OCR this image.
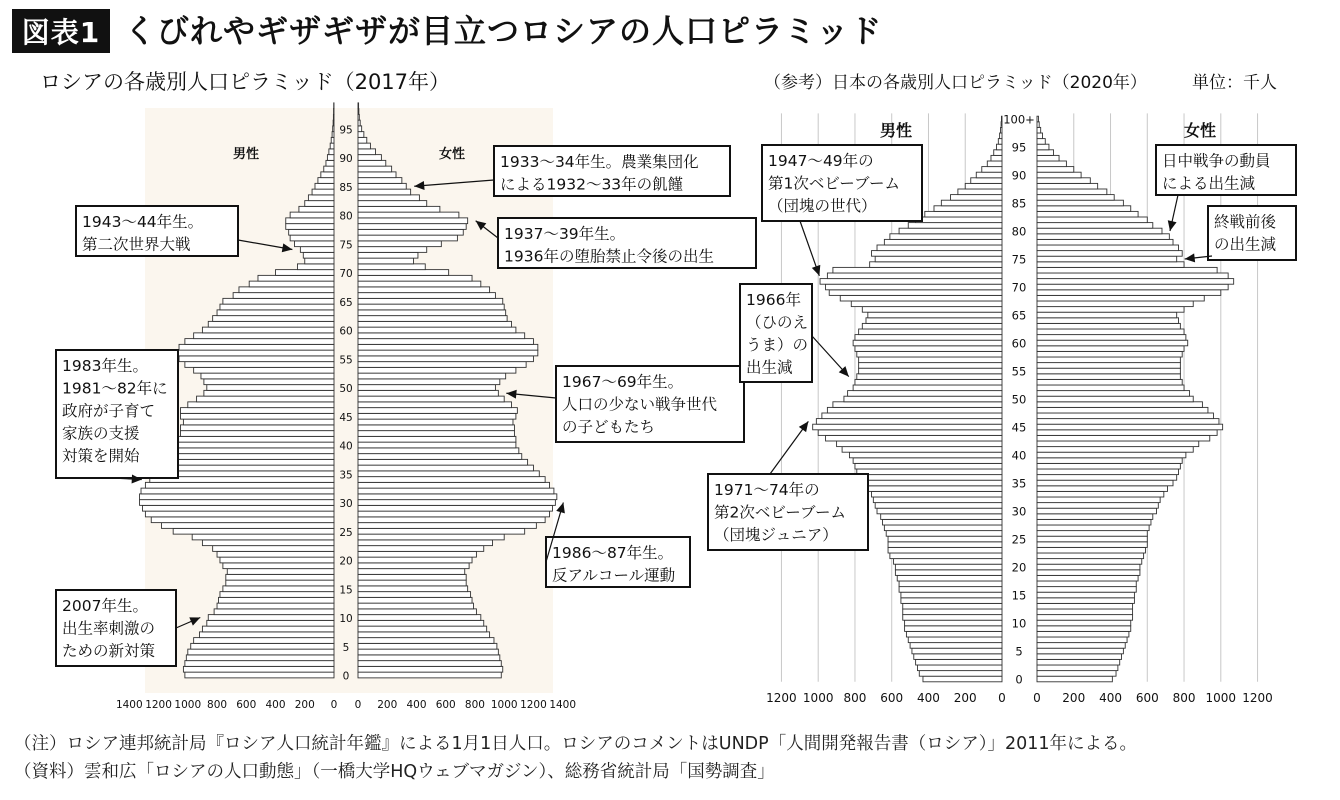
図表1 くびれやギザギザが目立つロシアの人口ピラミッド
ロシアの各歳別人口ピラミッド（2017年）	（参考）日本の各歳別人口ピラミッド（2020年）	単位：千人
0
5
10
15
20
25
30
35
40
45
50
55
60
65
70
75
80
85
90
95
男性	女性
1400 1200 1000 800 600 400 200 0 0 200 400 600 800 1000 1200 1400
1933〜34年生。農業集団化
による1932〜33年の飢饉
1943〜44年生。
第二次世界大戦
1937〜39年生。
1936年の堕胎禁止令後の出生
1983年生。
1981〜82年に
政府が子育て
家族の支援
対策を開始
1967〜69年生。
人口の少ない戦争世代
の子どもたち
1986〜87年生。
反アルコール運動
2007年生。
出生率刺激の
ための新対策
0
5
10
15
20
25
30
35
40
45
50
55
60
65
70
75
80
85
90
95
100+
男性	女性
1200 1000 800 600 400 200 0 0 200 400 600 800 1000 1200
1947〜49年の
第1次ベビーブーム
（団塊の世代）
日中戦争の動員
による出生減
終戦前後
の出生減
1966年
（ひのえ
うま）の
出生減
1971〜74年の
第2次ベビーブーム
（団塊ジュニア）
（注）ロシア連邦統計局『ロシア人口統計年鑑』による1月1日人口。ロシアのコメントはUNDP「人間開発報告書（ロシア）」2011年による。
（資料）雲和広「ロシアの人口動態」（一橋大学HQウェブマガジン）、総務省統計局「国勢調査」
